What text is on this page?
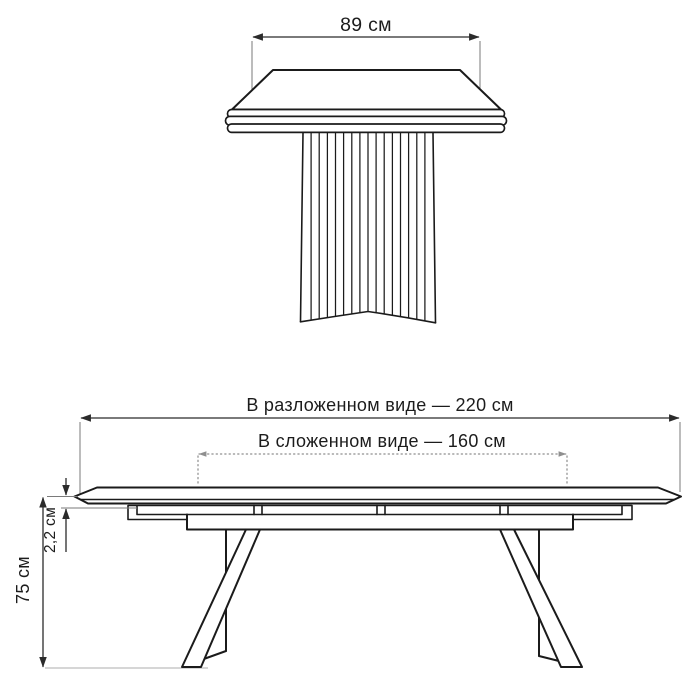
89 см
В разложенном виде — 220 см
В сложенном виде — 160 см
75 см
2,2 см
